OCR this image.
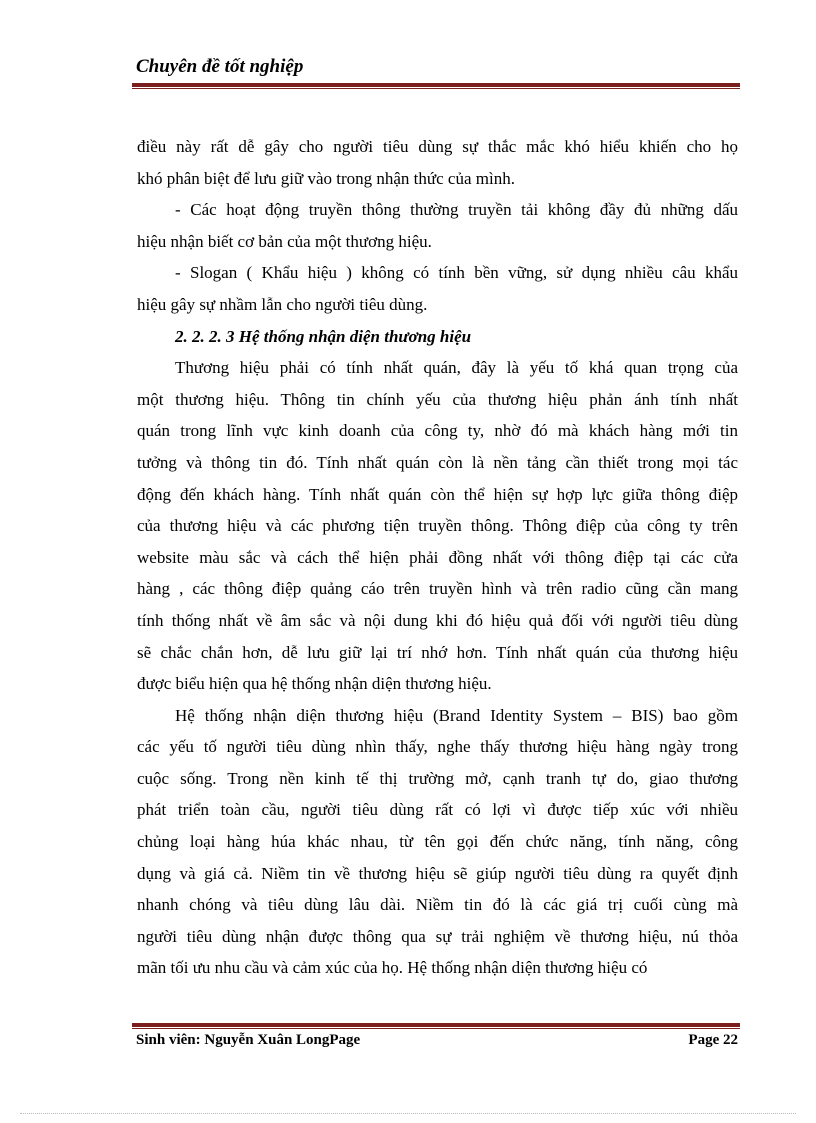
Chuyên đề tốt nghiệp
điều này rất dễ gây cho người tiêu dùng sự thắc mắc khó hiểu khiến cho họ
khó phân biệt để lưu giữ vào trong nhận thức của mình.
- Các hoạt động truyền thông thường truyền tải không đầy đủ những dấu
hiệu nhận biết cơ bản của một thương hiệu.
- Slogan ( Khẩu hiệu ) không có tính bền vững, sử dụng nhiều câu khẩu
hiệu gây sự nhầm lẫn cho người tiêu dùng.
2. 2. 2. 3 Hệ thống nhận diện thương hiệu
Thương hiệu phải có tính nhất quán, đây là yếu tố khá quan trọng của
một thương hiệu. Thông tin chính yếu của thương hiệu phản ánh tính nhất
quán trong lĩnh vực kinh doanh của công ty, nhờ đó mà khách hàng mới tin
tưởng và thông tin đó. Tính nhất quán còn là nền tảng cần thiết trong mọi tác
động đến khách hàng. Tính nhất quán còn thể hiện sự hợp lực giữa thông điệp
của thương hiệu và các phương tiện truyền thông. Thông điệp của công ty trên
website màu sắc và cách thể hiện phải đồng nhất với thông điệp tại các cửa
hàng , các thông điệp quảng cáo trên truyền hình và trên radio cũng cần mang
tính thống nhất về âm sắc và nội dung khi đó hiệu quả đối với người tiêu dùng
sẽ chắc chắn hơn, dễ lưu giữ lại trí nhớ hơn. Tính nhất quán của thương hiệu
được biểu hiện qua hệ thống nhận diện thương hiệu.
Hệ thống nhận diện thương hiệu (Brand Identity System – BIS) bao gồm
các yếu tố người tiêu dùng nhìn thấy, nghe thấy thương hiệu hàng ngày trong
cuộc sống. Trong nền kinh tế thị trường mở, cạnh tranh tự do, giao thương
phát triển toàn cầu, người tiêu dùng rất có lợi vì được tiếp xúc với nhiều
chủng loại hàng húa khác nhau, từ tên gọi đến chức năng, tính năng, công
dụng và giá cả. Niềm tin về thương hiệu sẽ giúp người tiêu dùng ra quyết định
nhanh chóng và tiêu dùng lâu dài. Niềm tin đó là các giá trị cuối cùng mà
người tiêu dùng nhận được thông qua sự trải nghiệm về thương hiệu, nú thỏa
mãn tối ưu nhu cầu và cảm xúc của họ. Hệ thống nhận diện thương hiệu có
Sinh viên: Nguyễn Xuân LongPage	Page 22
